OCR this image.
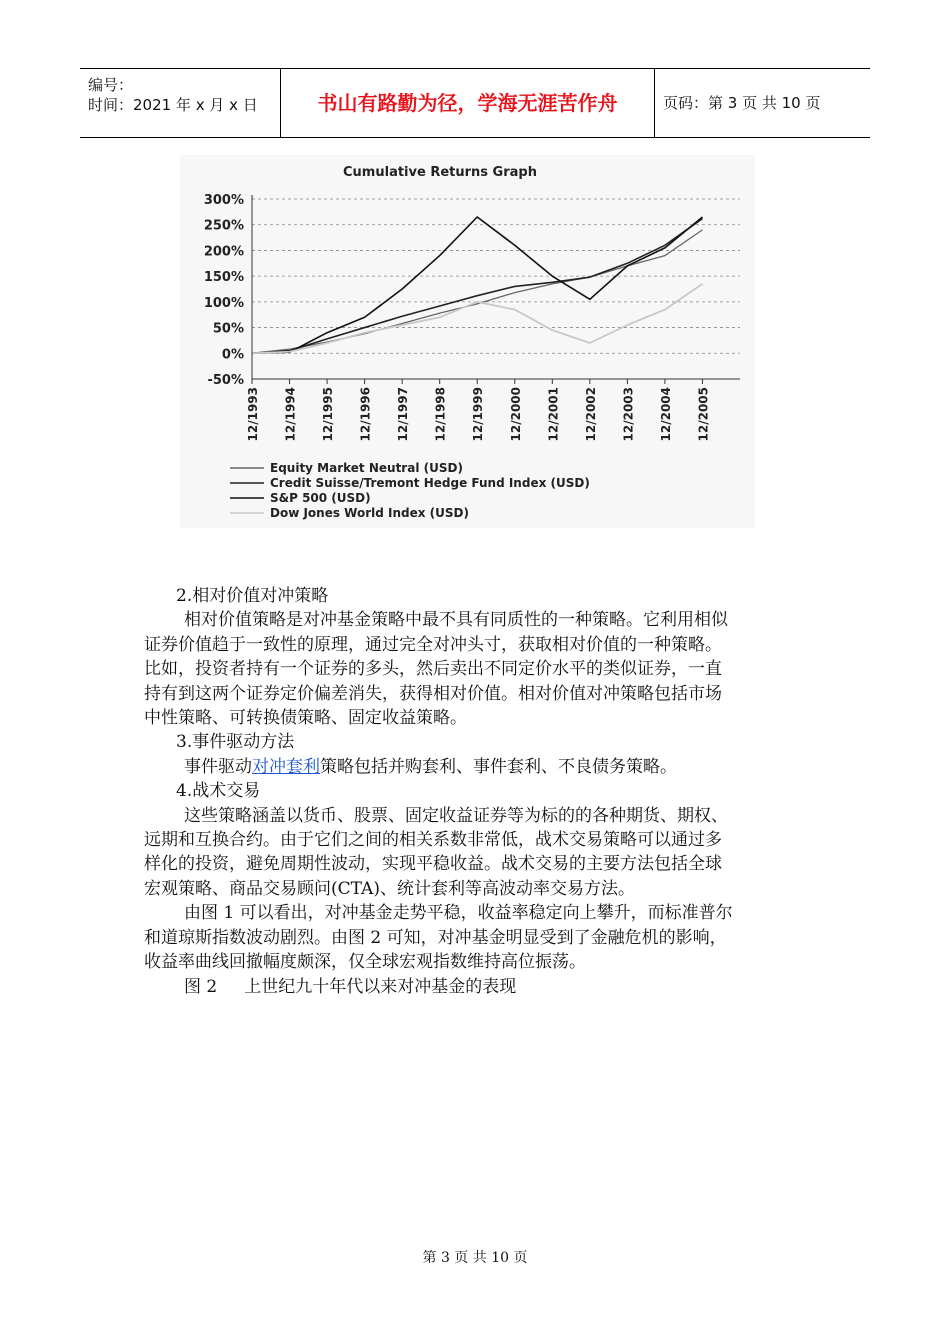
编号：
时间：2021 年 x 月 x 日	书山有路勤为径，学海无涯苦作舟	页码：第 3 页 共 10 页
300%
250%
200%
150%
100%
50%
0%
-50%
12/1993 12/1994 12/1995 12/1996 12/1997 12/1998 12/1999 12/2000 12/2001 12/2002 12/2003 12/2004 12/2005
Equity Market Neutral (USD)
Credit Suisse/Tremont Hedge Fund Index (USD)
S&P 500 (USD)
Dow Jones World Index (USD)
Cumulative Returns Graph

2.相对价值对冲策略

相对价值策略是对冲基金策略中最不具有同质性的一种策略。它利用相似

证券价值趋于一致性的原理，通过完全对冲头寸，获取相对价值的一种策略。

比如，投资者持有一个证券的多头，然后卖出不同定价水平的类似证券，一直

持有到这两个证券定价偏差消失，获得相对价值。相对价值对冲策略包括市场

中性策略、可转换债策略、固定收益策略。

3.事件驱动方法

事件驱动对冲套利策略包括并购套利、事件套利、不良债务策略。

4.战术交易

这些策略涵盖以货币、股票、固定收益证券等为标的的各种期货、期权、

远期和互换合约。由于它们之间的相关系数非常低，战术交易策略可以通过多

样化的投资，避免周期性波动，实现平稳收益。战术交易的主要方法包括全球

宏观策略、商品交易顾问(CTA)、统计套利等高波动率交易方法。

由图 1 可以看出，对冲基金走势平稳，收益率稳定向上攀升，而标准普尔

和道琼斯指数波动剧烈。由图 2 可知，对冲基金明显受到了金融危机的影响，

收益率曲线回撤幅度颇深，仅全球宏观指数维持高位振荡。

图 2     上世纪九十年代以来对冲基金的表现

第 3 页 共 10 页
